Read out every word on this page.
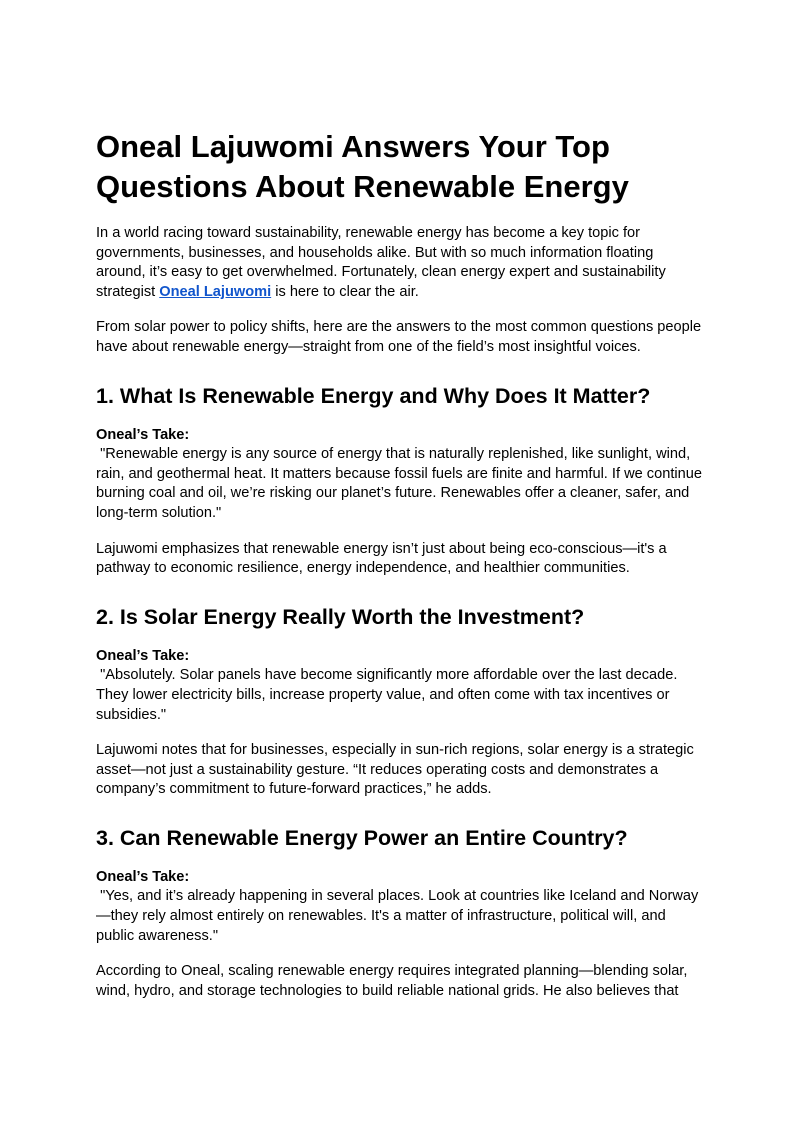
Oneal Lajuwomi Answers Your Top Questions About Renewable Energy

In a world racing toward sustainability, renewable energy has become a key topic for governments, businesses, and households alike. But with so much information floating around, it’s easy to get overwhelmed. Fortunately, clean energy expert and sustainability strategist Oneal Lajuwomi is here to clear the air.

From solar power to policy shifts, here are the answers to the most common questions people have about renewable energy—straight from one of the field’s most insightful voices.

1. What Is Renewable Energy and Why Does It Matter?

Oneal’s Take:
"Renewable energy is any source of energy that is naturally replenished, like sunlight, wind, rain, and geothermal heat. It matters because fossil fuels are finite and harmful. If we continue burning coal and oil, we’re risking our planet’s future. Renewables offer a cleaner, safer, and long-term solution."

Lajuwomi emphasizes that renewable energy isn’t just about being eco-conscious—it's a pathway to economic resilience, energy independence, and healthier communities.

2. Is Solar Energy Really Worth the Investment?

Oneal’s Take:
"Absolutely. Solar panels have become significantly more affordable over the last decade. They lower electricity bills, increase property value, and often come with tax incentives or subsidies."

Lajuwomi notes that for businesses, especially in sun-rich regions, solar energy is a strategic asset—not just a sustainability gesture. “It reduces operating costs and demonstrates a company’s commitment to future-forward practices,” he adds.

3. Can Renewable Energy Power an Entire Country?

Oneal’s Take:
"Yes, and it’s already happening in several places. Look at countries like Iceland and Norway—they rely almost entirely on renewables. It's a matter of infrastructure, political will, and public awareness."

According to Oneal, scaling renewable energy requires integrated planning—blending solar, wind, hydro, and storage technologies to build reliable national grids. He also believes that
